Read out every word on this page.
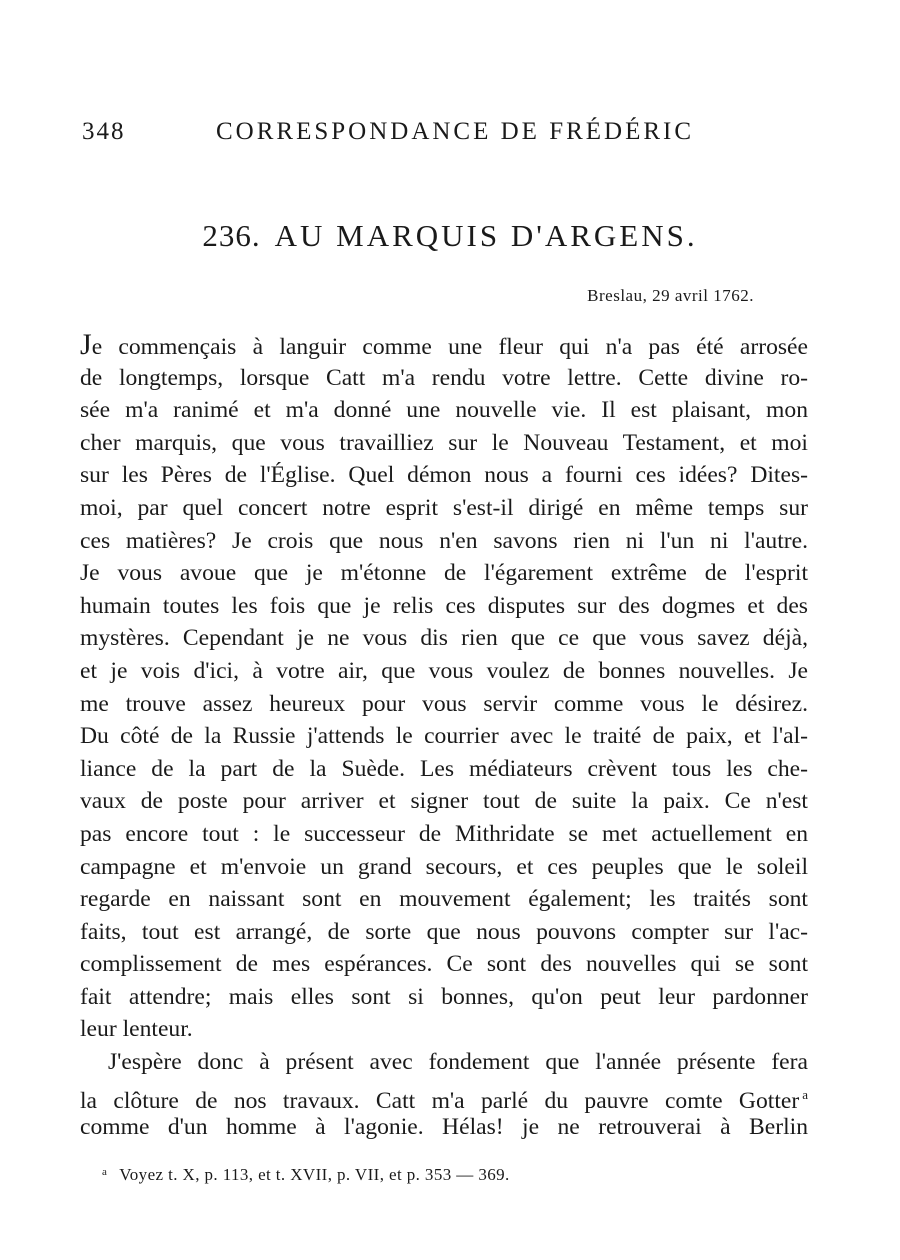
348	CORRESPONDANCE DE FRÉDÉRIC
236. AU MARQUIS D'ARGENS.
Breslau, 29 avril 1762.
Je commençais à languir comme une fleur qui n'a pas été arrosée
de longtemps, lorsque Catt m'a rendu votre lettre. Cette divine ro-
sée m'a ranimé et m'a donné une nouvelle vie. Il est plaisant, mon
cher marquis, que vous travailliez sur le Nouveau Testament, et moi
sur les Pères de l'Église. Quel démon nous a fourni ces idées? Dites-
moi, par quel concert notre esprit s'est-il dirigé en même temps sur
ces matières? Je crois que nous n'en savons rien ni l'un ni l'autre.
Je vous avoue que je m'étonne de l'égarement extrême de l'esprit
humain toutes les fois que je relis ces disputes sur des dogmes et des
mystères. Cependant je ne vous dis rien que ce que vous savez déjà,
et je vois d'ici, à votre air, que vous voulez de bonnes nouvelles. Je
me trouve assez heureux pour vous servir comme vous le désirez.
Du côté de la Russie j'attends le courrier avec le traité de paix, et l'al-
liance de la part de la Suède. Les médiateurs crèvent tous les che-
vaux de poste pour arriver et signer tout de suite la paix. Ce n'est
pas encore tout : le successeur de Mithridate se met actuellement en
campagne et m'envoie un grand secours, et ces peuples que le soleil
regarde en naissant sont en mouvement également; les traités sont
faits, tout est arrangé, de sorte que nous pouvons compter sur l'ac-
complissement de mes espérances. Ce sont des nouvelles qui se sont
fait attendre; mais elles sont si bonnes, qu'on peut leur pardonner
leur lenteur.
J'espère donc à présent avec fondement que l'année présente fera
la clôture de nos travaux. Catt m'a parlé du pauvre comte Gotter $^a$
comme d'un homme à l'agonie. Hélas! je ne retrouverai à Berlin
$^a$ Voyez t. X, p. 113, et t. XVII, p. VII, et p. 353 — 369.
